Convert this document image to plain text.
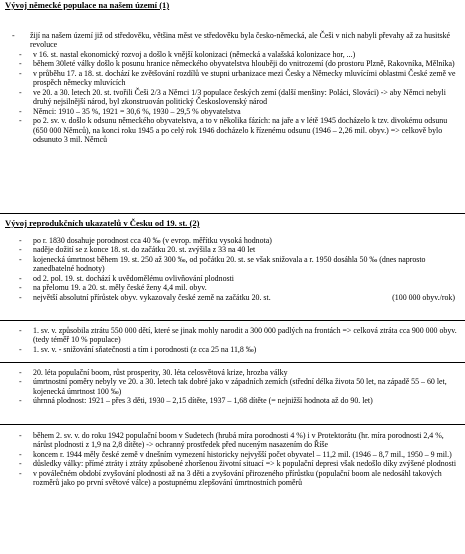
Vývoj německé populace na našem území (1)
- žijí na našem území již od středověku, většina měst ve středověku byla česko-německá, ale Češi v nich nabyli převahy až za husitské revoluce
- v 16. st. nastal ekonomický rozvoj a došlo k vnější kolonizaci (německá a valašská kolonizace hor, ...)
- během 30leté války došlo k posunu hranice německého obyvatelstva hlouběji do vnitrozemí (do prostoru Plzně, Rakovníka, Mělníka)
- v průběhu 17. a 18. st. dochází ke zvětšování rozdílů ve stupni urbanizace mezi Česky a Německy mluvícími oblastmi České země ve prospěch německy mluvících
- ve 20. a 30. letech 20. st. tvořili Češi 2/3 a Němci 1/3 populace českých zemí (další menšiny: Poláci, Slováci) -> aby Němci nebyli druhý nejsilnější národ, byl zkonstruován politický Československý národ
- Němci: 1910 – 35 %, 1921 = 30,6 %, 1930 – 29,5 % obyvatelstva
- po 2. sv. v. došlo k odsunu německého obyvatelstva, a to v několika fázích: na jaře a v létě 1945 docházelo k tzv. divokému odsunu (650 000 Němců), na konci roku 1945 a po celý rok 1946 docházelo k řízenému odsunu (1946 – 2,26 mil. obyv.) => celkově bylo odsunuto 3 mil. Němců
Vývoj reprodukčních ukazatelů v Česku od 19. st. (2)
- po r. 1830 dosahuje porodnost cca 40 ‰ (v evrop. měřítku vysoká hodnota)
- naděje dožití se z konce 18. st. do začátku 20. st. zvýšila z 33 na 40 let
- kojenecká úmrtnost během 19. st. 250 až 300 ‰, od počátku 20. st. se však snižovala a r. 1950 dosáhla 50 ‰ (dnes naprosto zanedbatelné hodnoty)
- od 2. pol. 19. st. dochází k uvědomělému ovlivňování plodnosti
- na přelomu 19. a 20. st. měly české ženy 4,4 mil. obyv.
- největší absolutní přírůstek obyv. vykazovaly české země na začátku 20. st.	(100 000 obyv./rok)
- 1. sv. v. způsobila ztrátu 550 000 dětí, které se jinak mohly narodit a 300 000 padlých na frontách => celková ztráta cca 900 000 obyv. (tedy téměř 10 % populace)
- 1. sv. v. - snižování sňatečnosti a tím i porodnosti (z cca 25 na 11,8 ‰)
- 20. léta populační boom, růst prosperity, 30. léta celosvětová krize, hrozba války
- úmrtnostní poměry nebyly ve 20. a 30. letech tak dobré jako v západních zemích (střední délka života 50 let, na západě 55 – 60 let, kojenecká úmrtnost 100 ‰)
- úhrnná plodnost: 1921 – přes 3 děti, 1930 – 2,15 dítěte, 1937 – 1,68 dítěte (= nejnižší hodnota až do 90. let)
- během 2. sv. v. do roku 1942 populační boom v Sudetech (hrubá míra porodnosti 4 %) i v Protektorátu (hr. míra porodnosti 2,4 %, nárůst plodnosti z 1,9 na 2,8 dítěte) -> ochranný prostředek před nuceným nasazením do Říše
- koncem r. 1944 měly české země v dnešním vymezení historicky nejvyšší počet obyvatel – 11,2 mil. (1946 – 8,7 mil., 1950 – 9 mil.)
- důsledky války: přímé ztráty i ztráty způsobené zhoršenou životní situací => k populační depresi však nedošlo díky zvýšené plodnosti
- v poválečném období zvyšování plodnosti až na 3 děti a zvyšování přirozeného přírůstku (populační boom ale nedosáhl takových rozměrů jako po první světové válce) a postupnému zlepšování úmrtnostních poměrů
